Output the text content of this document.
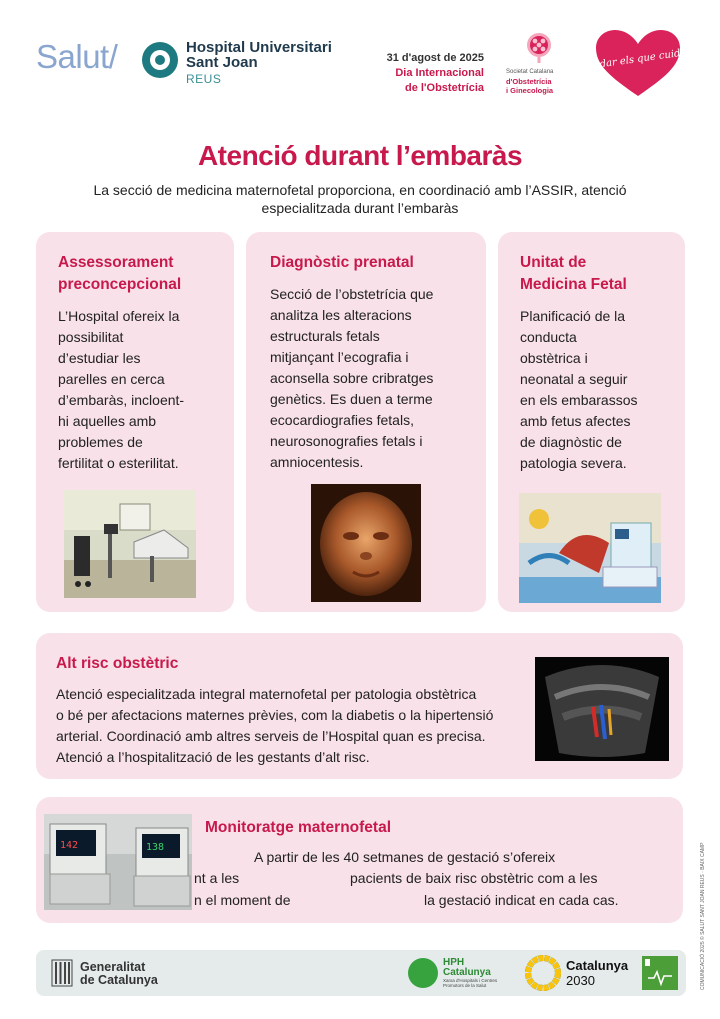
Salut/	Hospital Universitari
Sant Joan
REUS
31 d'agost de 2025
Dia Internacional
de l'Obstetrícia
Societat Catalana
d'Obstetrícia
i Ginecologia
Cuidar els que cuiden
Atenció durant l’embaràs
La secció de medicina maternofetal proporciona, en coordinació amb l’ASSIR, atenció
especialitzada durant l’embaràs
Assessorament
preconcepcional
L’Hospital ofereix la
possibilitat
d’estudiar les
parelles en cerca
d’embaràs, incloent-
hi aquelles amb
problemes de
fertilitat o esterilitat.
Diagnòstic prenatal
Secció de l’obstetrícia que
analitza les alteracions
estructurals fetals
mitjançant l’ecografia i
aconsella sobre cribratges
genètics. Es duen a terme
ecocardiografies fetals,
neurosonografies fetals i
amniocentesis.
Unitat de
Medicina Fetal
Planificació de la
conducta
obstètrica i
neonatal a seguir
en els embarassos
amb fetus afectes
de diagnòstic de
patologia severa.
Alt risc obstètric
Atenció especialitzada integral maternofetal per patologia obstètrica
o bé per afectacions maternes prèvies, com la diabetis o la hipertensió
arterial. Coordinació amb altres serveis de l’Hospital quan es precisa.
Atenció a l’hospitalització de les gestants d’alt risc.
142	138
Monitoratge maternofetal
A partir de les 40 setmanes de gestació s’ofereix
nt a les	pacients de baix risc obstètric com a les
n el moment de	la gestació indicat en cada cas.	COMUNICACIÓ 2025 © SALUT SANT JOAN REUS · BAIX CAMP
Generalitat
de Catalunya
HPH
Catalunya
Xarxa d'Hospitals i Centres Promotors de la Salut
Catalunya
2030
